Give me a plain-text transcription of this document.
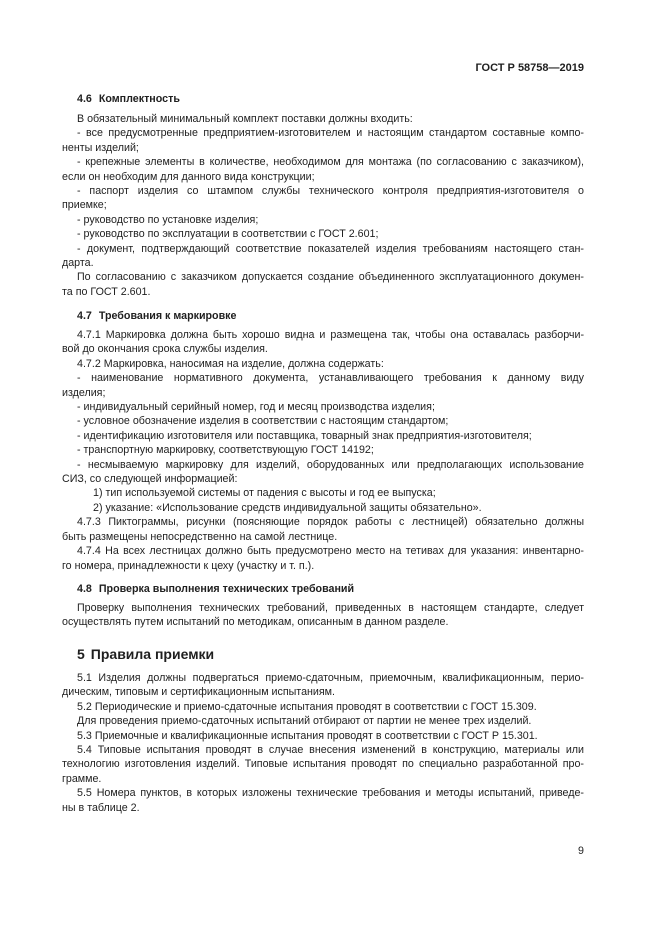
ГОСТ Р 58758—2019
4.6 Комплектность
В обязательный минимальный комплект поставки должны входить:
- все предусмотренные предприятием-изготовителем и настоящим стандартом составные компо-
ненты изделий;
- крепежные элементы в количестве, необходимом для монтажа (по согласованию с заказчиком),
если он необходим для данного вида конструкции;
- паспорт изделия со штампом службы технического контроля предприятия-изготовителя о
приемке;
- руководство по установке изделия;
- руководство по эксплуатации в соответствии с ГОСТ 2.601;
- документ, подтверждающий соответствие показателей изделия требованиям настоящего стан-
дарта.
По согласованию с заказчиком допускается создание объединенного эксплуатационного докумен-
та по ГОСТ 2.601.
4.7 Требования к маркировке
4.7.1 Маркировка должна быть хорошо видна и размещена так, чтобы она оставалась разборчи-
вой до окончания срока службы изделия.
4.7.2 Маркировка, наносимая на изделие, должна содержать:
- наименование нормативного документа, устанавливающего требования к данному виду
изделия;
- индивидуальный серийный номер, год и месяц производства изделия;
- условное обозначение изделия в соответствии с настоящим стандартом;
- идентификацию изготовителя или поставщика, товарный знак предприятия-изготовителя;
- транспортную маркировку, соответствующую ГОСТ 14192;
- несмываемую маркировку для изделий, оборудованных или предполагающих использование
СИЗ, со следующей информацией:
1) тип используемой системы от падения с высоты и год ее выпуска;
2) указание: «Использование средств индивидуальной защиты обязательно».
4.7.3 Пиктограммы, рисунки (поясняющие порядок работы с лестницей) обязательно должны
быть размещены непосредственно на самой лестнице.
4.7.4 На всех лестницах должно быть предусмотрено место на тетивах для указания: инвентарно-
го номера, принадлежности к цеху (участку и т. п.).
4.8 Проверка выполнения технических требований
Проверку выполнения технических требований, приведенных в настоящем стандарте, следует
осуществлять путем испытаний по методикам, описанным в данном разделе.
5 Правила приемки
5.1 Изделия должны подвергаться приемо-сдаточным, приемочным, квалификационным, перио-
дическим, типовым и сертификационным испытаниям.
5.2 Периодические и приемо-сдаточные испытания проводят в соответствии с ГОСТ 15.309.
Для проведения приемо-сдаточных испытаний отбирают от партии не менее трех изделий.
5.3 Приемочные и квалификационные испытания проводят в соответствии с ГОСТ Р 15.301.
5.4 Типовые испытания проводят в случае внесения изменений в конструкцию, материалы или
технологию изготовления изделий. Типовые испытания проводят по специально разработанной про-
грамме.
5.5 Номера пунктов, в которых изложены технические требования и методы испытаний, приведе-
ны в таблице 2.
9
